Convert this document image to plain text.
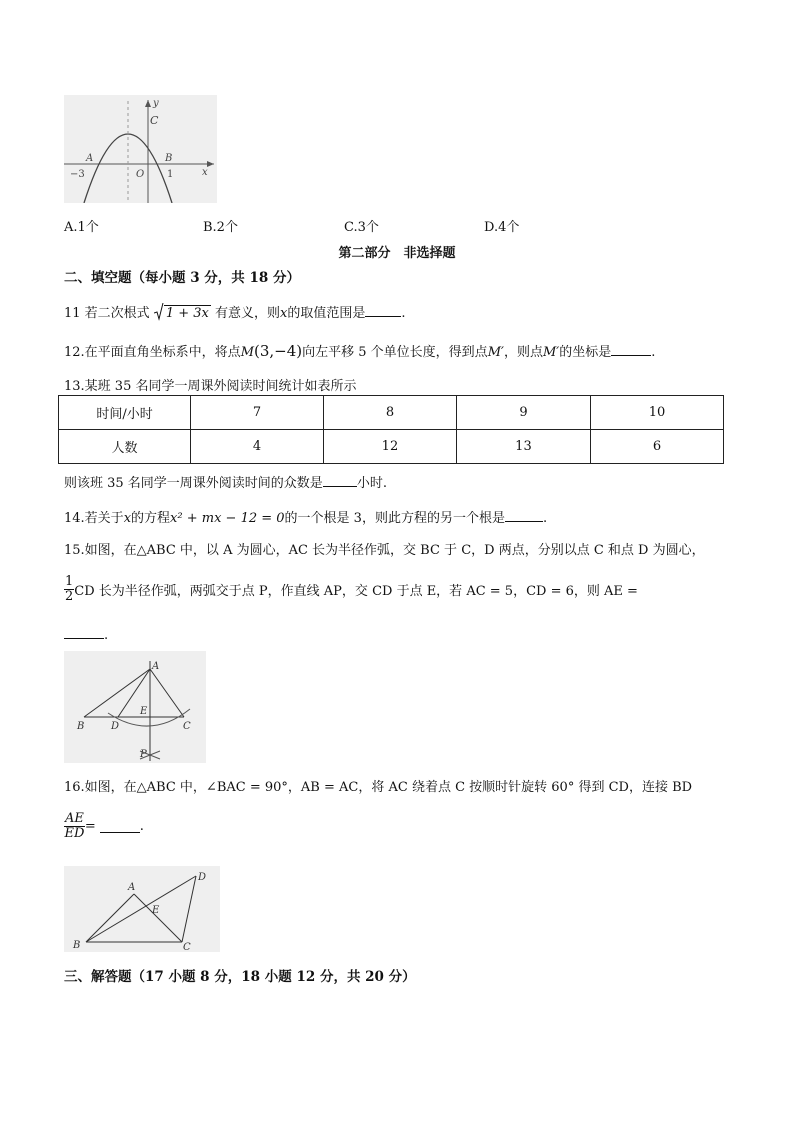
y
x
C
A	B
O
−3	1
A.1个	B.2个	C.3个	D.4个
第二部分　非选择题
二、填空题（每小题 3 分，共 18 分）
11 若二次根式 1 + 3x 有意义，则x的取值范围是	.
12.在平面直角坐标系中，将点M(3,−4)向左平移 5 个单位长度，得到点M′，则点M′的坐标是	.
13.某班 35 名同学一周课外阅读时间统计如表所示
时间/小时	7	8	9	10
人数	4	12	13	6
则该班 35 名同学一周课外阅读时间的众数是	小时.
14.若关于x的方程x² + mx − 12 = 0的一个根是 3，则此方程的另一个根是	.
15.如图，在△ABC 中，以 A 为圆心，AC 长为半径作弧，交 BC 于 C，D 两点，分别以点 C 和点 D 为圆心，
$\frac{1}{2}$ CD 长为半径作弧，两弧交于点 P，作直线 AP，交 CD 于点 E，若 AC = 5，CD = 6，则 AE =
.
A
B	D
E
C
P
16.如图，在△ABC 中，∠BAC = 90°，AB = AC，将 AC 绕着点 C 按顺时针旋转 60° 得到 CD，连接 BD
$\frac{AE}{ED}$ =	.
A
B	C
D
E
三、解答题（17 小题 8 分，18 小题 12 分，共 20 分）
